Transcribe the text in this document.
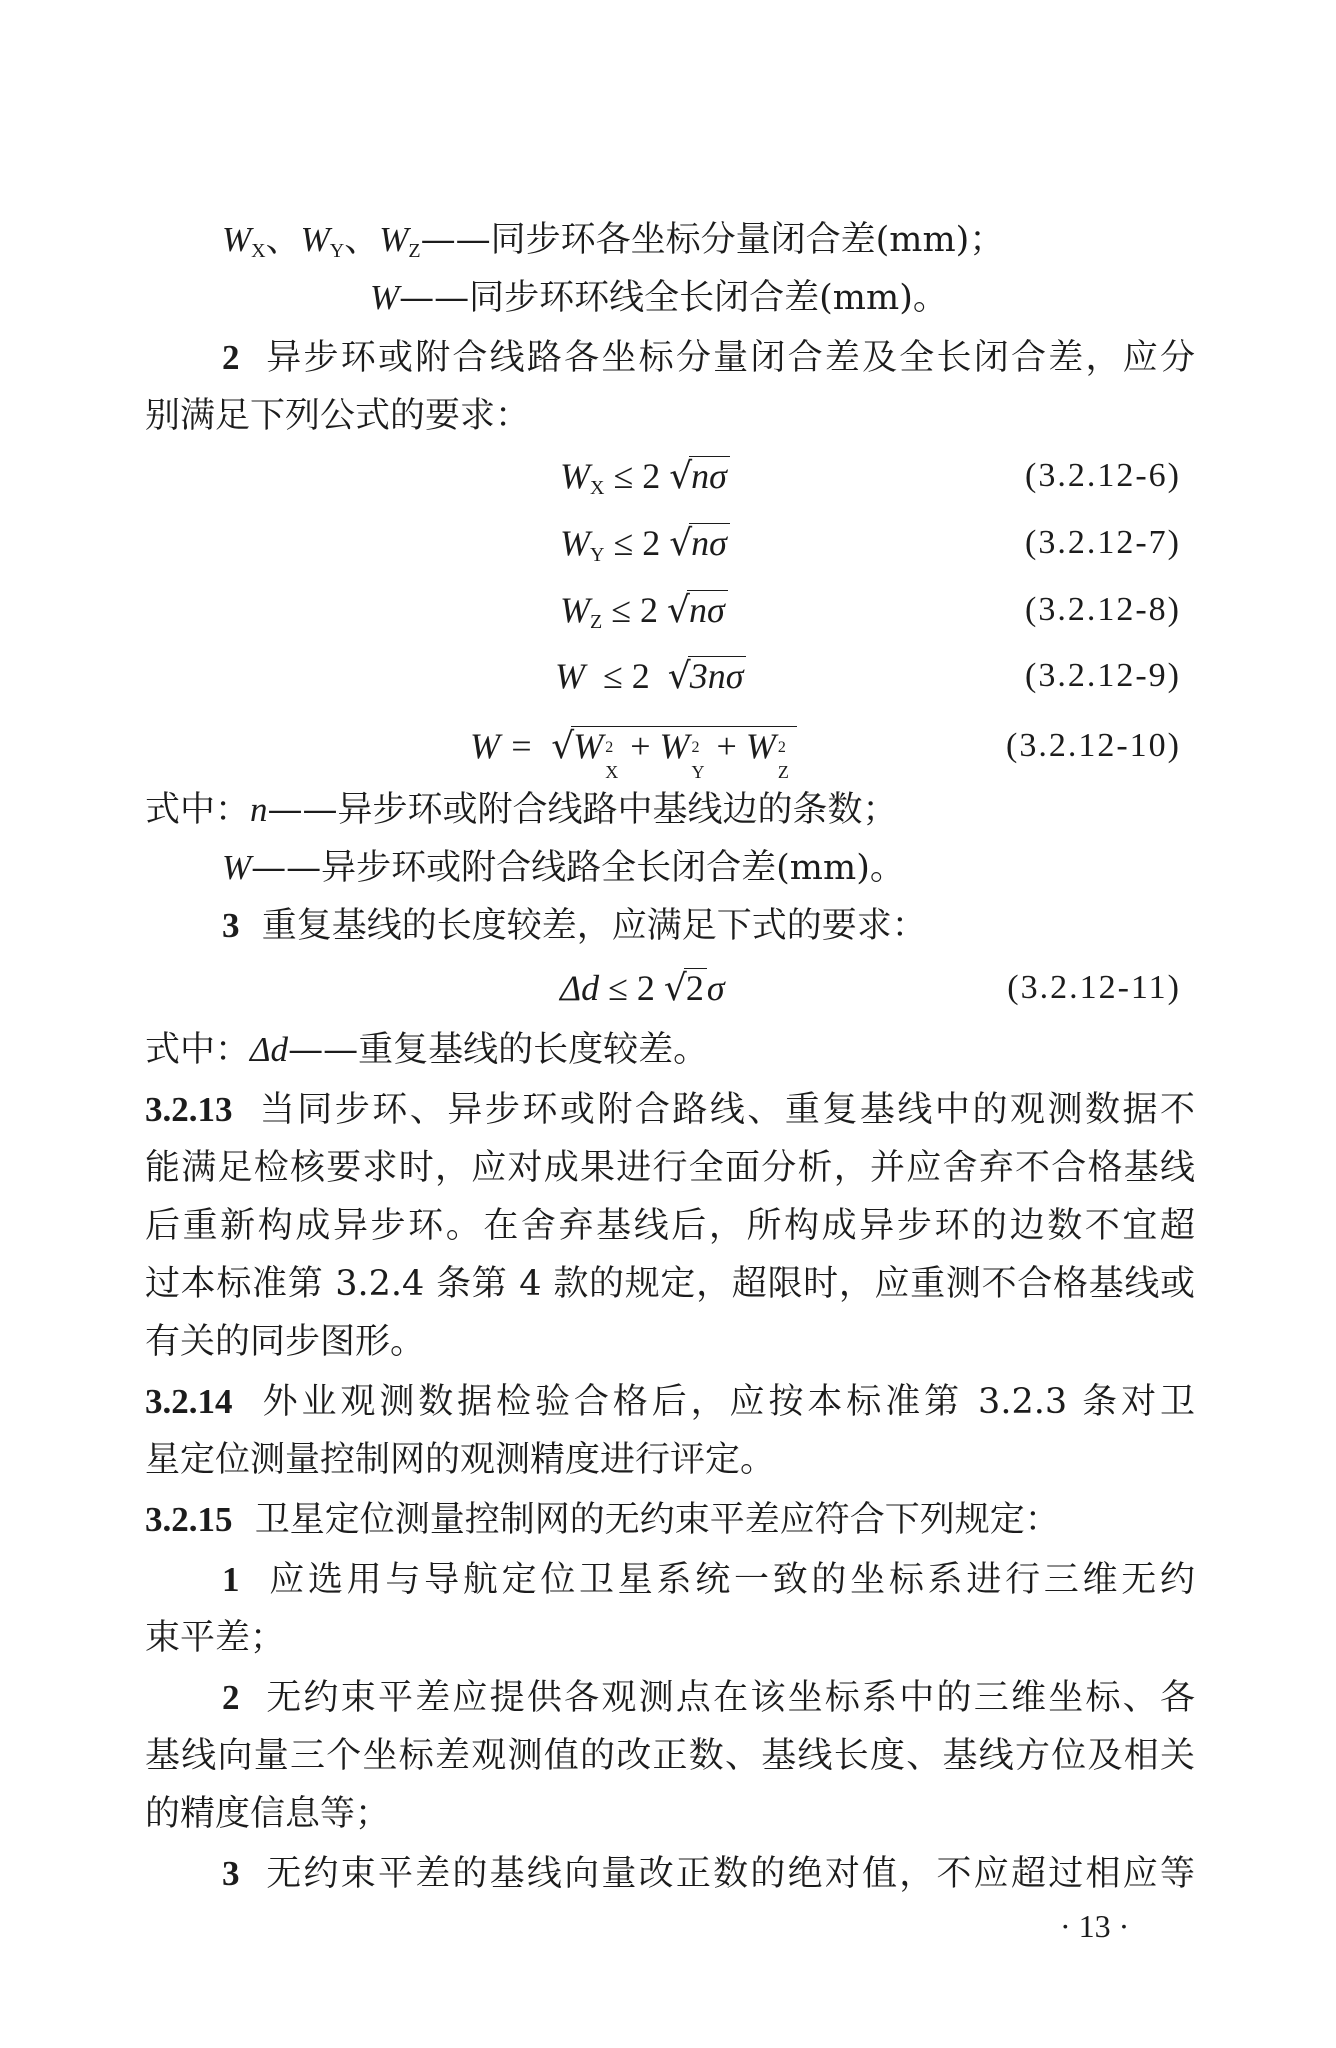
$W_X$、$W_Y$、$W_Z——$同步环各坐标分量闭合差(mm)；
W——同步环环线全长闭合差(mm)。
2 异步环或附合线路各坐标分量闭合差及全长闭合差，应分
别满足下列公式的要求：
$W_X \le 2$ √nσ	(3.2.12-6)
$W_Y \le 2$ √nσ	(3.2.12-7)
$W_Z \le 2$ √nσ	(3.2.12-8)
W ≤ 2 √3nσ	(3.2.12-9)
W = √W 2
X
+ W 2
Y
+ W 2
Z
(3.2.12-10)
式中：n——异步环或附合线路中基线边的条数；
W——异步环或附合线路全长闭合差(mm)。
3 重复基线的长度较差，应满足下式的要求：
Δd ≤ 2 √2σ	(3.2.12-11)
式中：Δd——重复基线的长度较差。
3.2.13 当同步环、异步环或附合路线、重复基线中的观测数据不
能满足检核要求时，应对成果进行全面分析，并应舍弃不合格基线
后重新构成异步环。在舍弃基线后，所构成异步环的边数不宜超
过本标准第 3.2.4 条第 4 款的规定，超限时，应重测不合格基线或
有关的同步图形。
3.2.14 外业观测数据检验合格后，应按本标准第 3.2.3 条对卫
星定位测量控制网的观测精度进行评定。
3.2.15 卫星定位测量控制网的无约束平差应符合下列规定：
1 应选用与导航定位卫星系统一致的坐标系进行三维无约
束平差；
2 无约束平差应提供各观测点在该坐标系中的三维坐标、各
基线向量三个坐标差观测值的改正数、基线长度、基线方位及相关
的精度信息等；
3 无约束平差的基线向量改正数的绝对值，不应超过相应等
· 13 ·
